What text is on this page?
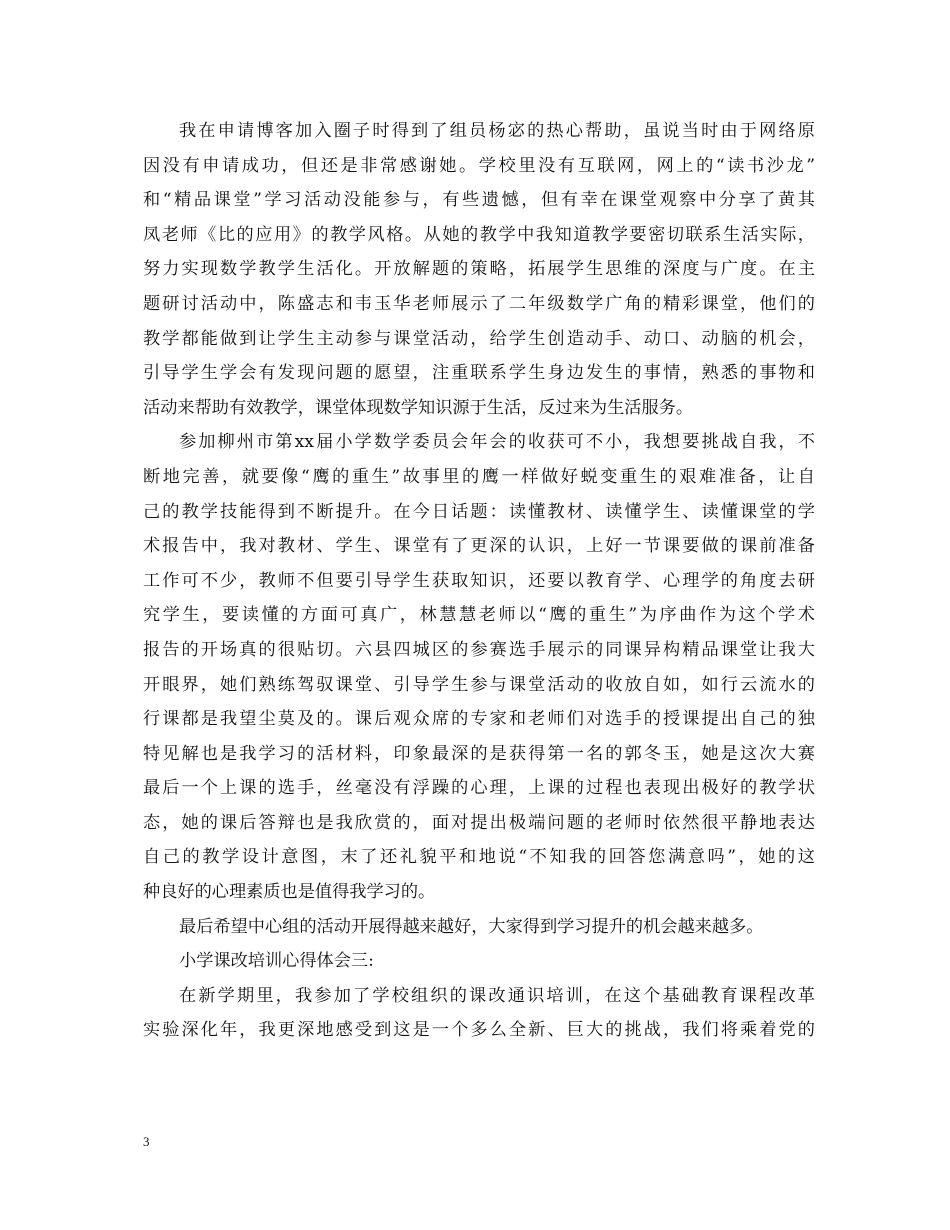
我在申请博客加入圈子时得到了组员杨宓的热心帮助，虽说当时由于网络原
因没有申请成功，但还是非常感谢她。学校里没有互联网，网上的“读书沙龙”
和“精品课堂”学习活动没能参与，有些遗憾，但有幸在课堂观察中分享了黄其
凤老师《比的应用》的教学风格。从她的教学中我知道教学要密切联系生活实际，
努力实现数学教学生活化。开放解题的策略，拓展学生思维的深度与广度。在主
题研讨活动中，陈盛志和韦玉华老师展示了二年级数学广角的精彩课堂，他们的
教学都能做到让学生主动参与课堂活动，给学生创造动手、动口、动脑的机会，
引导学生学会有发现问题的愿望，注重联系学生身边发生的事情，熟悉的事物和
活动来帮助有效教学，课堂体现数学知识源于生活，反过来为生活服务。
参加柳州市第xx届小学数学委员会年会的收获可不小，我想要挑战自我，不
断地完善，就要像“鹰的重生”故事里的鹰一样做好蜕变重生的艰难准备，让自
己的教学技能得到不断提升。在今日话题：读懂教材、读懂学生、读懂课堂的学
术报告中，我对教材、学生、课堂有了更深的认识，上好一节课要做的课前准备
工作可不少，教师不但要引导学生获取知识，还要以教育学、心理学的角度去研
究学生，要读懂的方面可真广，林慧慧老师以“鹰的重生”为序曲作为这个学术
报告的开场真的很贴切。六县四城区的参赛选手展示的同课异构精品课堂让我大
开眼界，她们熟练驾驭课堂、引导学生参与课堂活动的收放自如，如行云流水的
行课都是我望尘莫及的。课后观众席的专家和老师们对选手的授课提出自己的独
特见解也是我学习的活材料，印象最深的是获得第一名的郭冬玉，她是这次大赛
最后一个上课的选手，丝毫没有浮躁的心理，上课的过程也表现出极好的教学状
态，她的课后答辩也是我欣赏的，面对提出极端问题的老师时依然很平静地表达
自己的教学设计意图，末了还礼貌平和地说“不知我的回答您满意吗”，她的这
种良好的心理素质也是值得我学习的。
最后希望中心组的活动开展得越来越好，大家得到学习提升的机会越来越多。
小学课改培训心得体会三:
在新学期里，我参加了学校组织的课改通识培训，在这个基础教育课程改革
实验深化年，我更深地感受到这是一个多么全新、巨大的挑战，我们将乘着党的
3
